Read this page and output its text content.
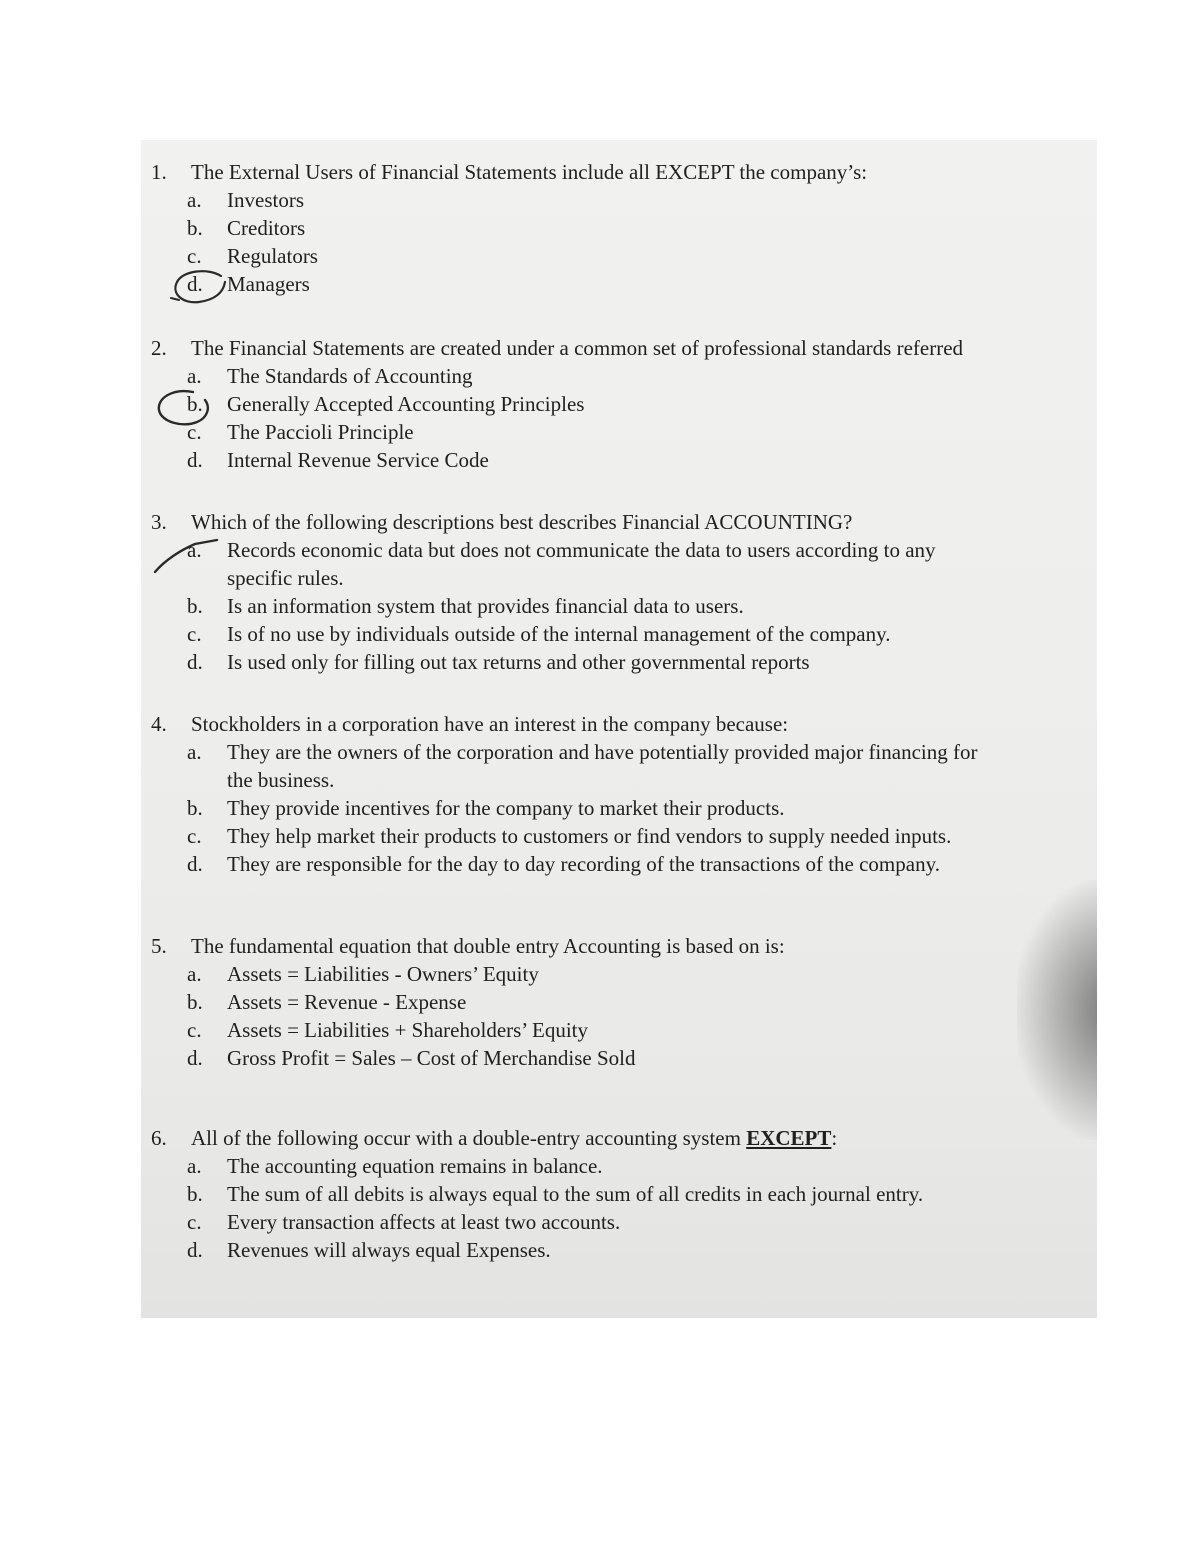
1. The External Users of Financial Statements include all EXCEPT the company’s:
a. Investors
b. Creditors
c. Regulators
d. Managers
2. The Financial Statements are created under a common set of professional standards referred
a. The Standards of Accounting
b. Generally Accepted Accounting Principles
c. The Paccioli Principle
d. Internal Revenue Service Code
3. Which of the following descriptions best describes Financial ACCOUNTING?
a. Records economic data but does not communicate the data to users according to any
specific rules.
b. Is an information system that provides financial data to users.
c. Is of no use by individuals outside of the internal management of the company.
d. Is used only for filling out tax returns and other governmental reports
4. Stockholders in a corporation have an interest in the company because:
a. They are the owners of the corporation and have potentially provided major financing for
the business.
b. They provide incentives for the company to market their products.
c. They help market their products to customers or find vendors to supply needed inputs.
d. They are responsible for the day to day recording of the transactions of the company.
5. The fundamental equation that double entry Accounting is based on is:
a. Assets = Liabilities - Owners’ Equity
b. Assets = Revenue - Expense
c. Assets = Liabilities + Shareholders’ Equity
d. Gross Profit = Sales – Cost of Merchandise Sold
6. All of the following occur with a double-entry accounting system EXCEPT:
a. The accounting equation remains in balance.
b. The sum of all debits is always equal to the sum of all credits in each journal entry.
c. Every transaction affects at least two accounts.
d. Revenues will always equal Expenses.
